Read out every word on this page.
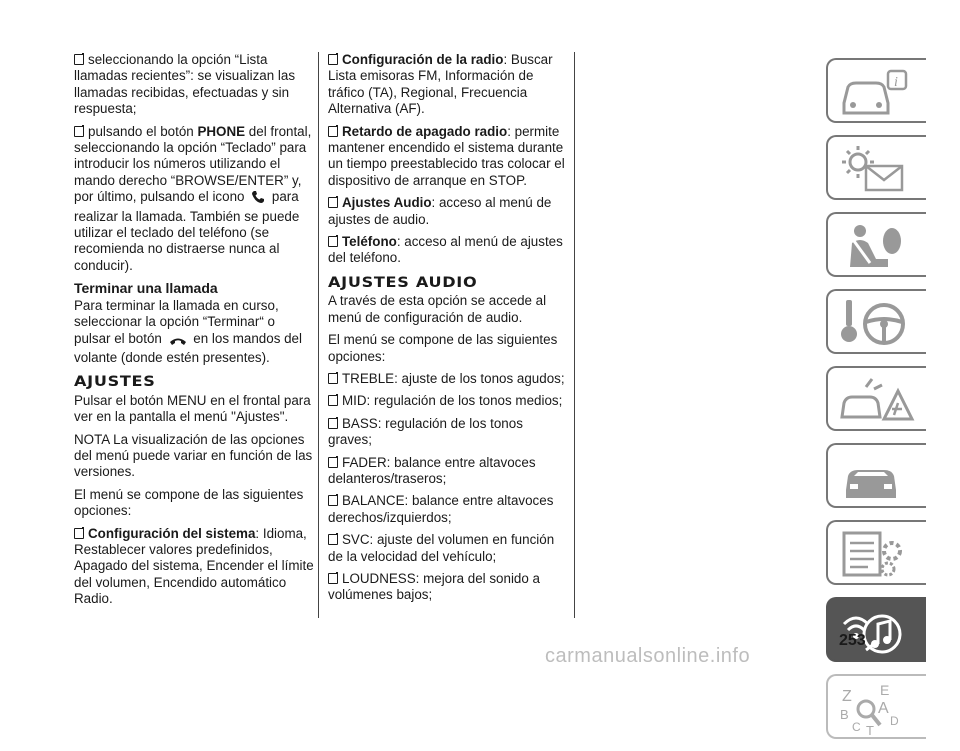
seleccionando la opción “Lista llamadas recientes”: se visualizan las llamadas recibidas, efectuadas y sin respuesta;

pulsando el botón PHONE del frontal, seleccionando la opción “Teclado” para introducir los números utilizando el mando derecho “BROWSE/ENTER” y, por último, pulsando el icono  para realizar la llamada. También se puede utilizar el teclado del teléfono (se recomienda no distraerse nunca al conducir).

Terminar una llamada

Para terminar la llamada en curso, seleccionar la opción “Terminar“ o pulsar el botón  en los mandos del volante (donde estén presentes).

AJUSTES

Pulsar el botón MENU en el frontal para ver en la pantalla el menú "Ajustes".

NOTA La visualización de las opciones del menú puede variar en función de las versiones.

El menú se compone de las siguientes opciones:

Configuración del sistema: Idioma, Restablecer valores predefinidos, Apagado del sistema, Encender el límite del volumen, Encendido automático Radio.

Configuración de la radio: Buscar Lista emisoras FM, Información de tráfico (TA), Regional, Frecuencia Alternativa (AF).

Retardo de apagado radio: permite mantener encendido el sistema durante un tiempo preestablecido tras colocar el dispositivo de arranque en STOP.

Ajustes Audio: acceso al menú de ajustes de audio.

Teléfono: acceso al menú de ajustes del teléfono.

AJUSTES AUDIO

A través de esta opción se accede al menú de configuración de audio.

El menú se compone de las siguientes opciones:

TREBLE: ajuste de los tonos agudos;

MID: regulación de los tonos medios;

BASS: regulación de los tonos graves;

FADER: balance entre altavoces delanteros/traseros;

BALANCE: balance entre altavoces derechos/izquierdos;

SVC: ajuste del volumen en función de la velocidad del vehículo;

LOUDNESS: mejora del sonido a volúmenes bajos;

i
Z E
B A
C T
D
253
carmanualsonline.info
